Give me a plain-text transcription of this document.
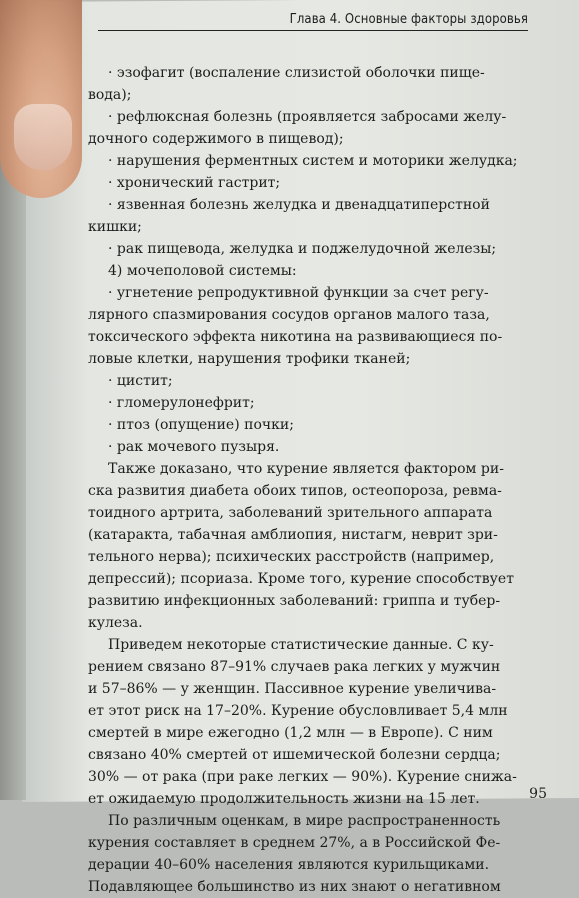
Глава 4. Основные факторы здоровья
· эзофагит (воспаление слизистой оболочки пище-
вода);
· рефлюксная болезнь (проявляется забросами желу-
дочного содержимого в пищевод);
· нарушения ферментных систем и моторики желудка;
· хронический гастрит;
· язвенная болезнь желудка и двенадцатиперстной
кишки;
· рак пищевода, желудка и поджелудочной железы;
4) мочеполовой системы:
· угнетение репродуктивной функции за счет регу-
лярного спазмирования сосудов органов малого таза,
токсического эффекта никотина на развивающиеся по-
ловые клетки, нарушения трофики тканей;
· цистит;
· гломерулонефрит;
· птоз (опущение) почки;
· рак мочевого пузыря.
Также доказано, что курение является фактором ри-
ска развития диабета обоих типов, остеопороза, ревма-
тоидного артрита, заболеваний зрительного аппарата
(катаракта, табачная амблиопия, нистагм, неврит зри-
тельного нерва); психических расстройств (например,
депрессий); псориаза. Кроме того, курение способствует
развитию инфекционных заболеваний: гриппа и тубер-
кулеза.
Приведем некоторые статистические данные. С ку-
рением связано 87–91% случаев рака легких у мужчин
и 57–86% — у женщин. Пассивное курение увеличива-
ет этот риск на 17–20%. Курение обусловливает 5,4 млн
смертей в мире ежегодно (1,2 млн — в Европе). С ним
связано 40% смертей от ишемической болезни сердца;
30% — от рака (при раке легких — 90%). Курение снижа-
ет ожидаемую продолжительность жизни на 15 лет.
По различным оценкам, в мире распространенность
курения составляет в среднем 27%, а в Российской Фе-
дерации 40–60% населения являются курильщиками.
Подавляющее большинство из них знают о негативном
95
